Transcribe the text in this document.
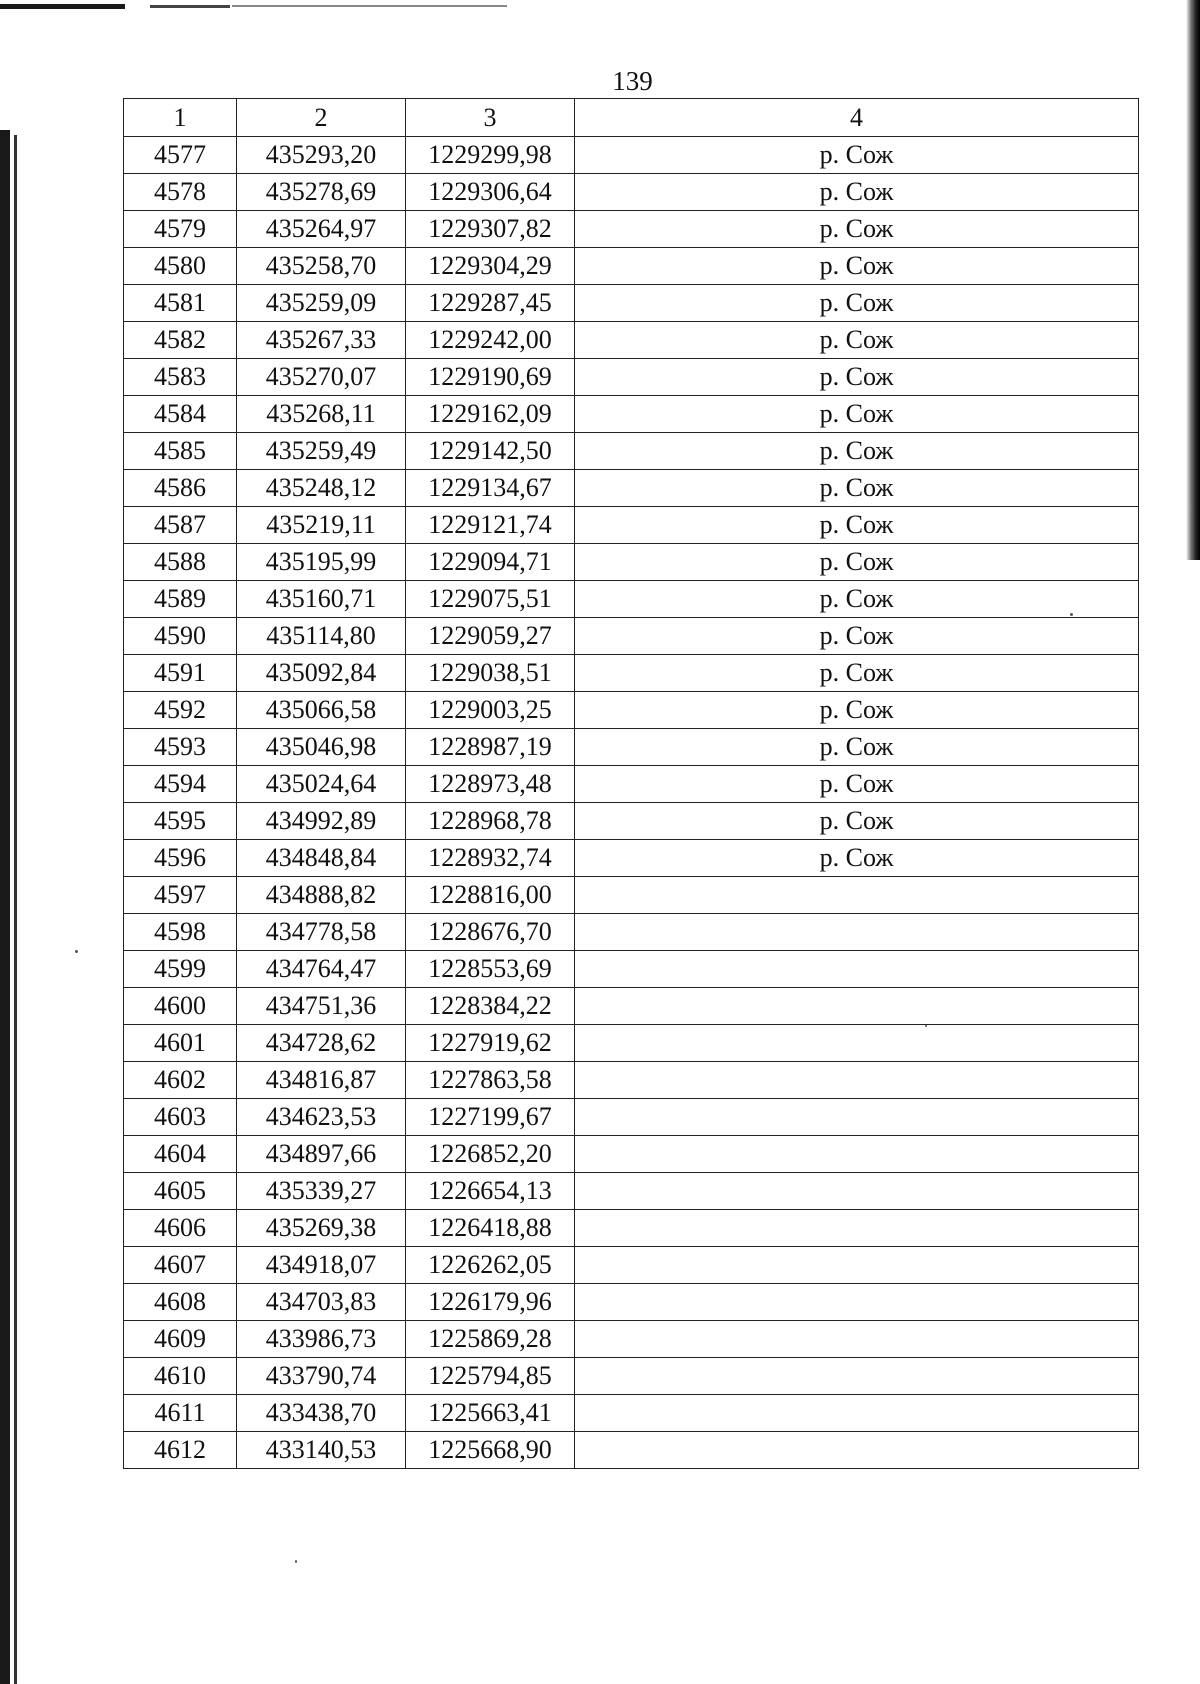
139
1	2	3	4
4577	435293,20	1229299,98	р. Сож
4578	435278,69	1229306,64	р. Сож
4579	435264,97	1229307,82	р. Сож
4580	435258,70	1229304,29	р. Сож
4581	435259,09	1229287,45	р. Сож
4582	435267,33	1229242,00	р. Сож
4583	435270,07	1229190,69	р. Сож
4584	435268,11	1229162,09	р. Сож
4585	435259,49	1229142,50	р. Сож
4586	435248,12	1229134,67	р. Сож
4587	435219,11	1229121,74	р. Сож
4588	435195,99	1229094,71	р. Сож
4589	435160,71	1229075,51	р. Сож
4590	435114,80	1229059,27	р. Сож
4591	435092,84	1229038,51	р. Сож
4592	435066,58	1229003,25	р. Сож
4593	435046,98	1228987,19	р. Сож
4594	435024,64	1228973,48	р. Сож
4595	434992,89	1228968,78	р. Сож
4596	434848,84	1228932,74	р. Сож
4597	434888,82	1228816,00	
4598	434778,58	1228676,70	
4599	434764,47	1228553,69	
4600	434751,36	1228384,22	
4601	434728,62	1227919,62	
4602	434816,87	1227863,58	
4603	434623,53	1227199,67	
4604	434897,66	1226852,20	
4605	435339,27	1226654,13	
4606	435269,38	1226418,88	
4607	434918,07	1226262,05	
4608	434703,83	1226179,96	
4609	433986,73	1225869,28	
4610	433790,74	1225794,85	
4611	433438,70	1225663,41	
4612	433140,53	1225668,90	
